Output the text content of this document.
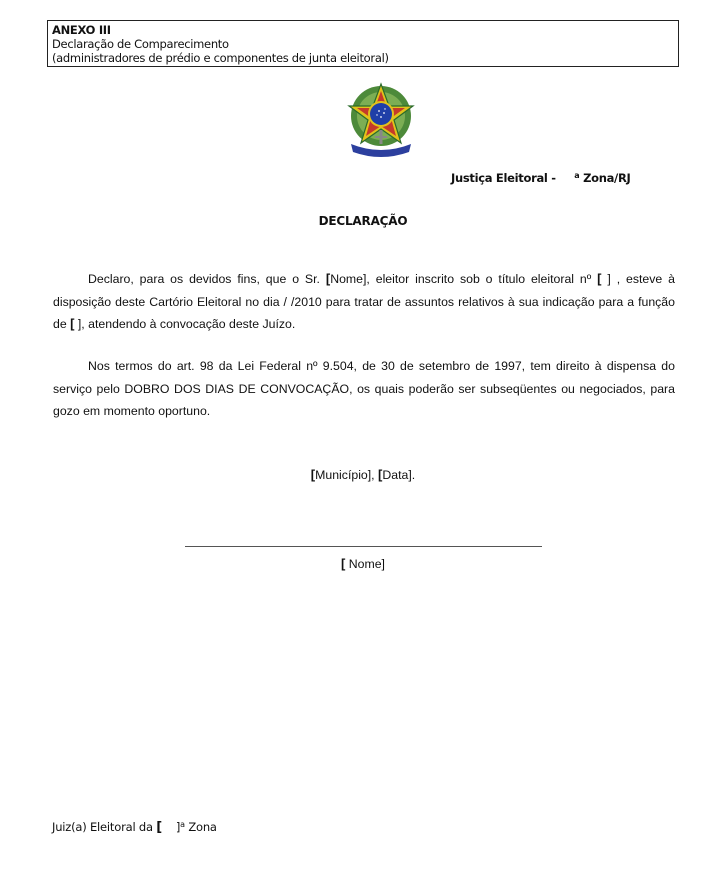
ANEXO III
Declaração de Comparecimento
(administradores de prédio e componentes de junta eleitoral)
Justiça Eleitoral -     $^a$ Zona/RJ
DECLARAÇÃO
Declaro, para os devidos fins, que o Sr. [Nome], eleitor inscrito sob o título eleitoral nº [ ] , esteve à disposição deste Cartório Eleitoral no dia / /2010 para tratar de assuntos relativos à sua indicação para a função de [ ], atendendo à convocação deste Juízo.
Nos termos do art. 98 da Lei Federal nº 9.504, de 30 de setembro de 1997, tem direito à dispensa do serviço pelo DOBRO DOS DIAS DE CONVOCAÇÃO, os quais poderão ser subseqüentes ou negociados, para gozo em momento oportuno.
[Município], [Data].
[ Nome]
Juiz(a) Eleitoral da [    ]$^a$ Zona
